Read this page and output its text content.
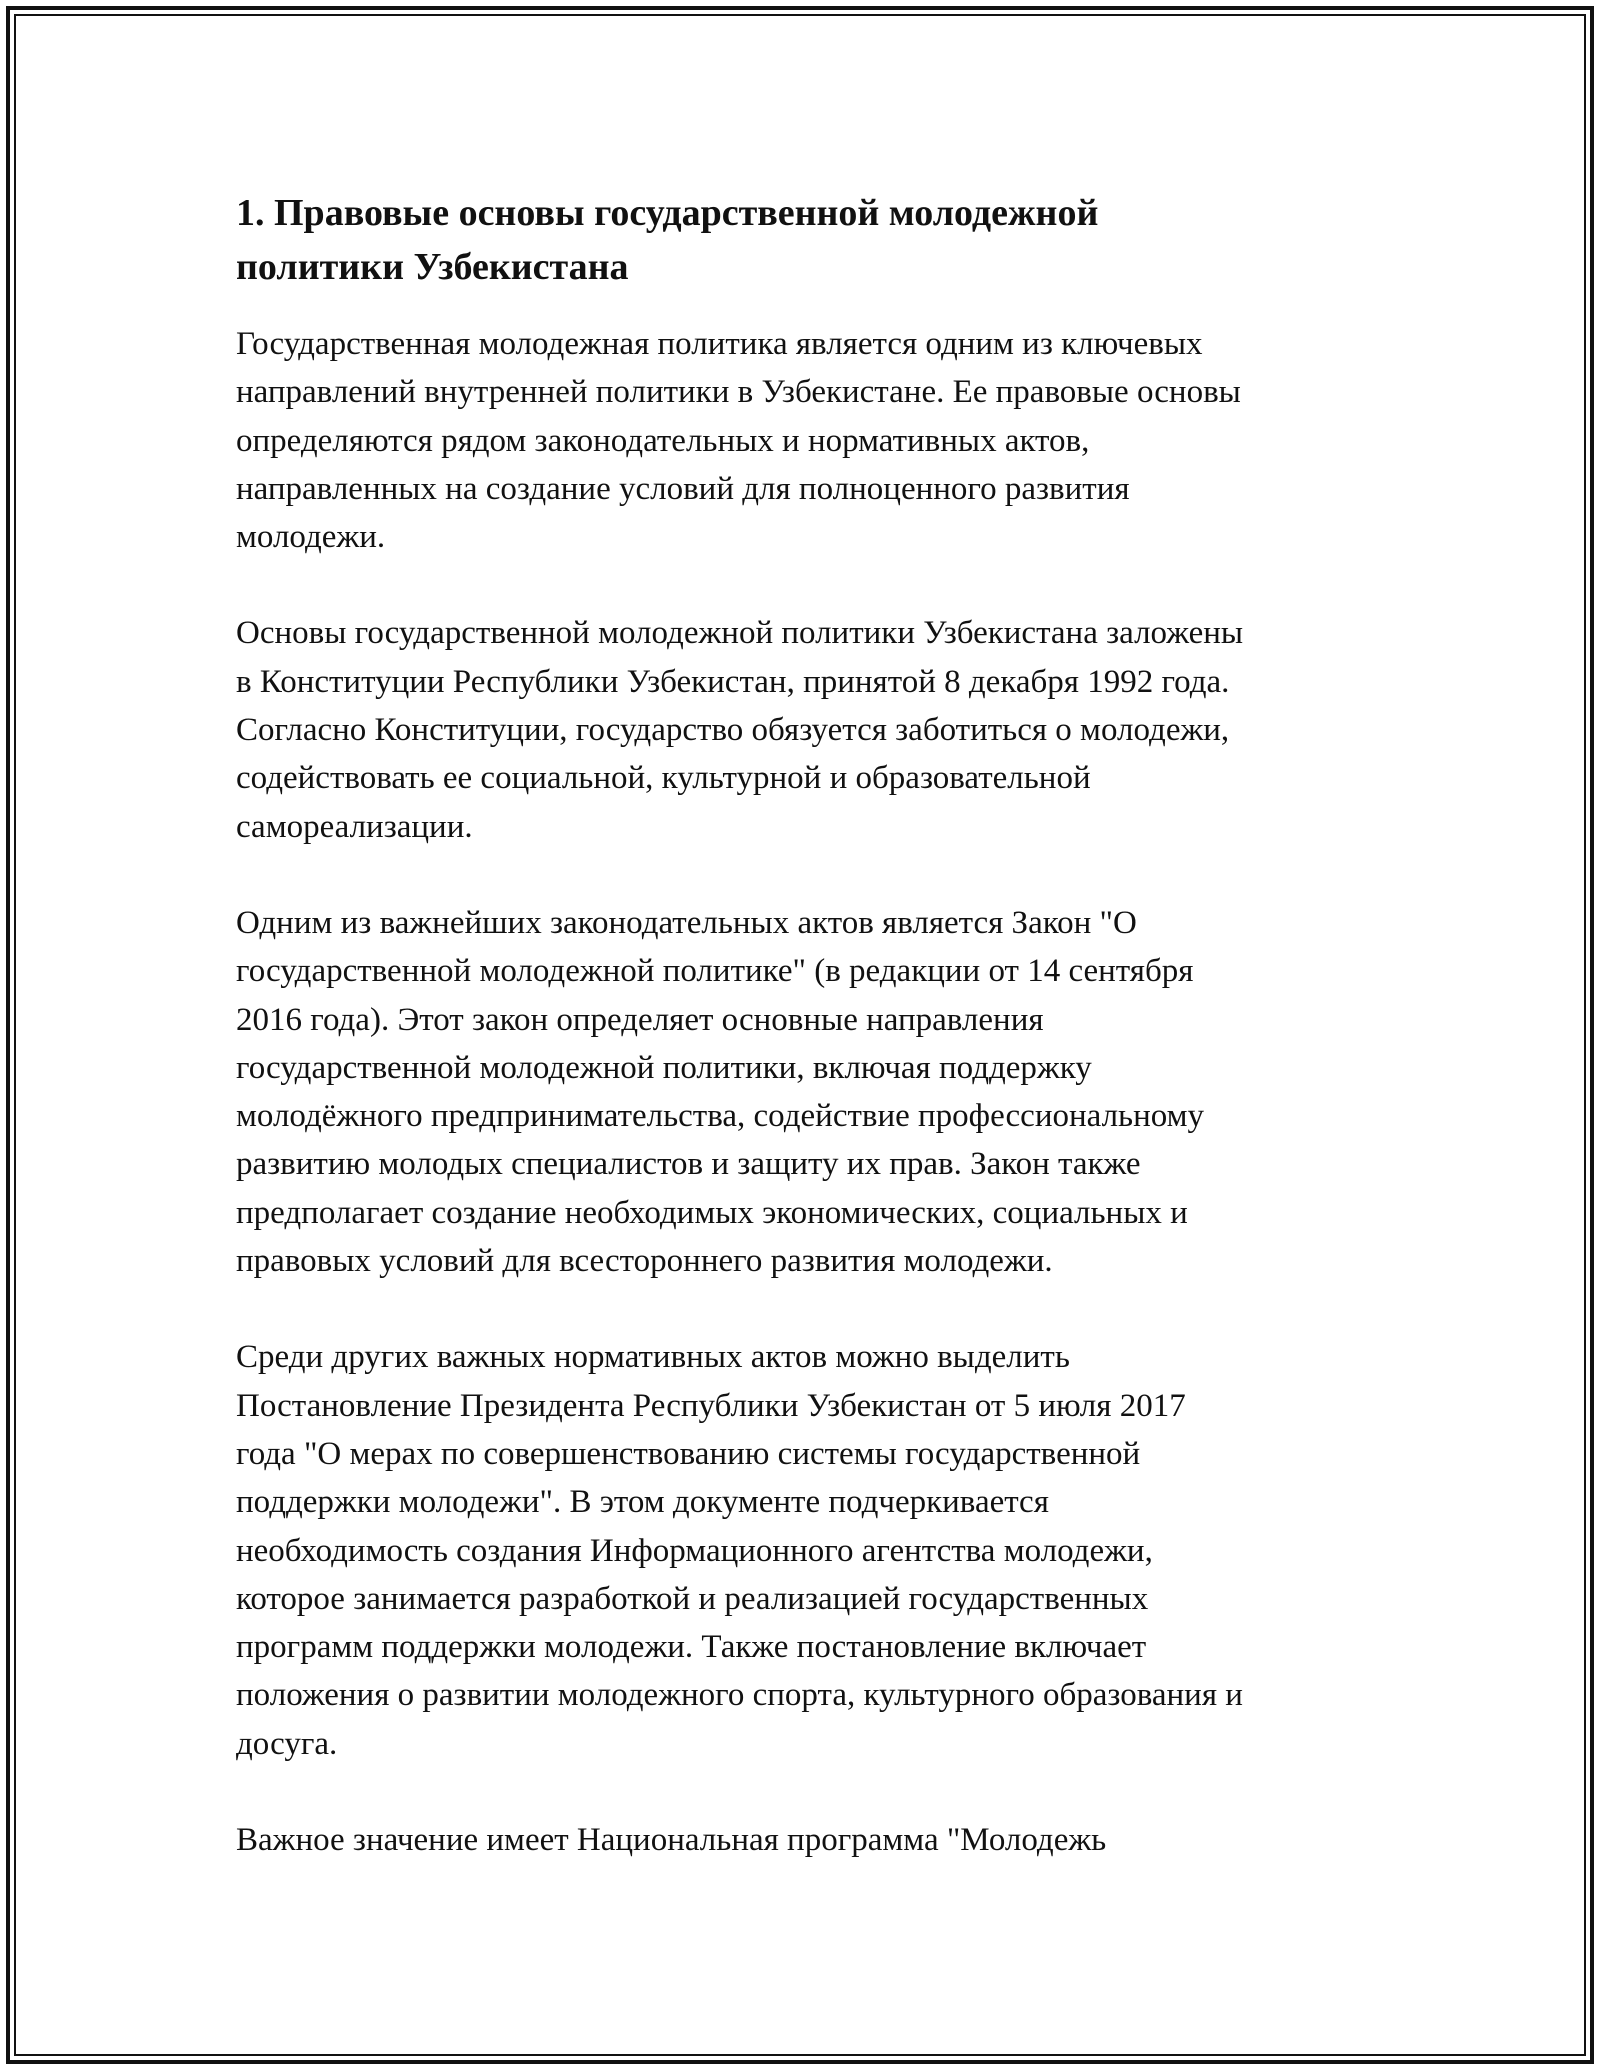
1. Правовые основы государственной молодежной
политики Узбекистана

Государственная молодежная политика является одним из ключевых
направлений внутренней политики в Узбекистане. Ее правовые основы
определяются рядом законодательных и нормативных актов,
направленных на создание условий для полноценного развития
молодежи.

Основы государственной молодежной политики Узбекистана заложены
в Конституции Республики Узбекистан, принятой 8 декабря 1992 года.
Согласно Конституции, государство обязуется заботиться о молодежи,
содействовать ее социальной, культурной и образовательной
самореализации.

Одним из важнейших законодательных актов является Закон "О
государственной молодежной политике" (в редакции от 14 сентября
2016 года). Этот закон определяет основные направления
государственной молодежной политики, включая поддержку
молодёжного предпринимательства, содействие профессиональному
развитию молодых специалистов и защиту их прав. Закон также
предполагает создание необходимых экономических, социальных и
правовых условий для всестороннего развития молодежи.

Среди других важных нормативных актов можно выделить
Постановление Президента Республики Узбекистан от 5 июля 2017
года "О мерах по совершенствованию системы государственной
поддержки молодежи". В этом документе подчеркивается
необходимость создания Информационного агентства молодежи,
которое занимается разработкой и реализацией государственных
программ поддержки молодежи. Также постановление включает
положения о развитии молодежного спорта, культурного образования и
досуга.

Важное значение имеет Национальная программа "Молодежь
